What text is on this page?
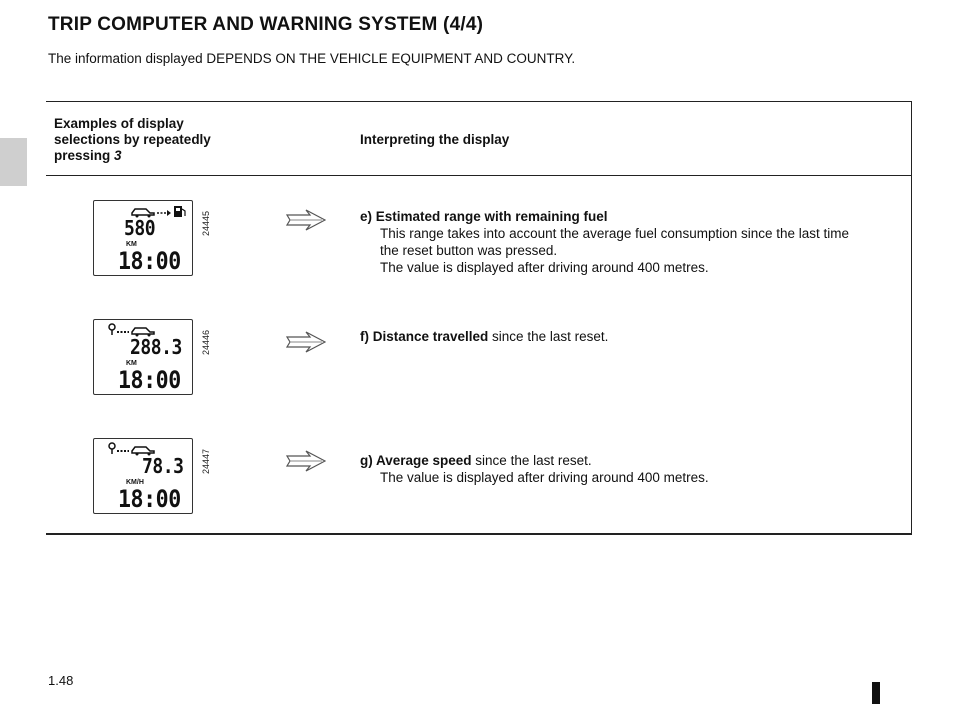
TRIP COMPUTER AND WARNING SYSTEM (4/4)

The information displayed DEPENDS ON THE VEHICLE EQUIPMENT AND COUNTRY.

Examples of display
selections by repeatedly
pressing 3
Interpreting the display
580
KM
18:00
24445	e) Estimated range with remaining fuel
This range takes into account the average fuel consumption since the last time
the reset button was pressed.
The value is displayed after driving around 400 metres.
288.3
KM
18:00
24446	f) Distance travelled since the last reset.
78.3
KM/H
18:00
24447	g) Average speed since the last reset.
The value is displayed after driving around 400 metres.
1.48
